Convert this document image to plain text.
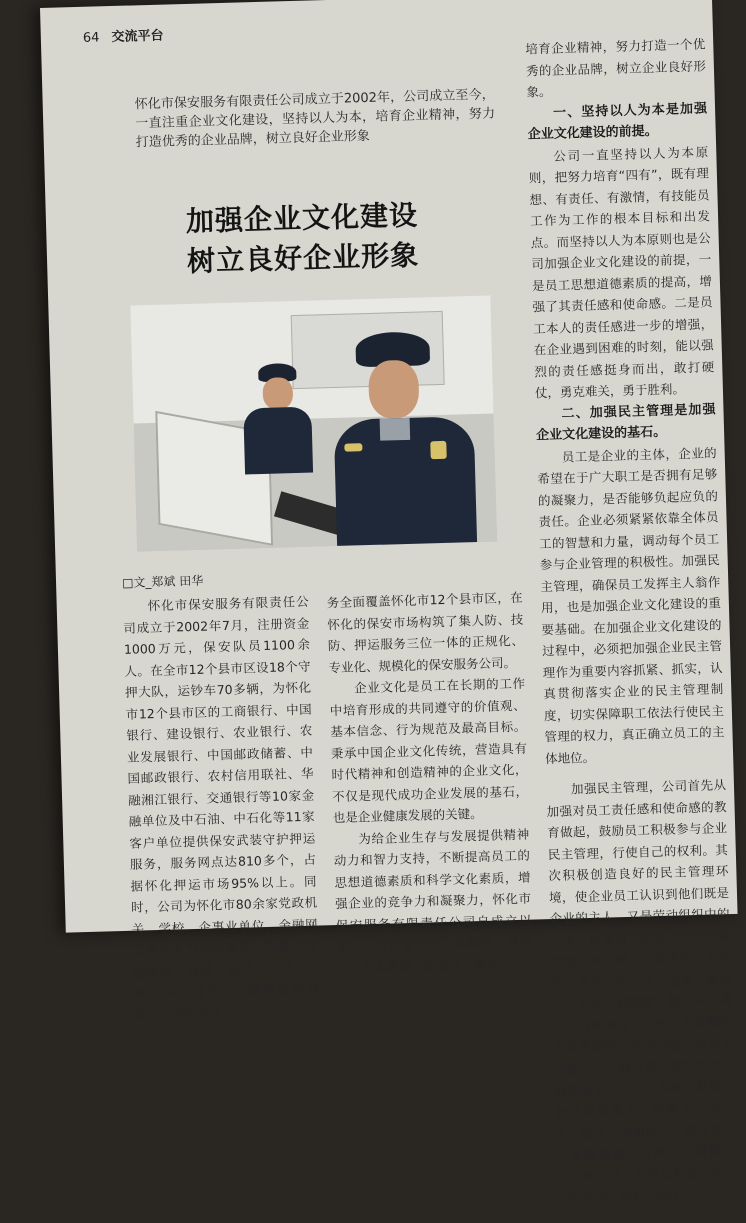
64 交流平台
怀化市保安服务有限责任公司成立于2002年，公司成立至今，一直注重企业文化建设，坚持以人为本，培育企业精神，努力打造优秀的企业品牌，树立良好企业形象
加强企业文化建设
树立良好企业形象
□文_郑斌 田华

怀化市保安服务有限责任公司成立于2002年7月，注册资金1000万元，保安队员1100余人。在全市12个县市区设18个守押大队，运钞车70多辆，为怀化市12个县市区的工商银行、中国银行、建设银行、农业银行、农业发展银行、中国邮政储蓄、中国邮政银行、农村信用联社、华融湘江银行、交通银行等10家金融单位及中石油、中石化等11家客户单位提供保安武装守护押运服务，服务网点达810多个，占据怀化押运市场95%以上。同时，公司为怀化市80余家党政机关、学校、企事业单位、金融网点提供人力保安服务，为怀化金融系统、商铺、居民小区的500多个网点提供110联网报警服务。公司保安业

务全面覆盖怀化市12个县市区，在怀化的保安市场构筑了集人防、技防、押运服务三位一体的正规化、专业化、规模化的保安服务公司。

企业文化是员工在长期的工作中培育形成的共同遵守的价值观、基本信念、行为规范及最高目标。秉承中国企业文化传统，营造具有时代精神和创造精神的企业文化，不仅是现代成功企业发展的基石，也是企业健康发展的关键。

为给企业生存与发展提供精神动力和智力支持，不断提高员工的思想道德素质和科学文化素质，增强企业的竞争力和凝聚力，怀化市保安服务有限责任公司自成立以来，一直注重企业文化建设，坚持以人为本原则，加强民主管理，

培育企业精神，努力打造一个优秀的企业品牌，树立企业良好形象。

一、坚持以人为本是加强企业文化建设的前提。

公司一直坚持以人为本原则，把努力培育“四有”，既有理想、有责任、有激情，有技能员工作为工作的根本目标和出发点。而坚持以人为本原则也是公司加强企业文化建设的前提，一是员工思想道德素质的提高，增强了其责任感和使命感。二是员工本人的责任感进一步的增强，在企业遇到困难的时刻，能以强烈的责任感挺身而出，敢打硬仗，勇克难关，勇于胜利。

二、加强民主管理是加强企业文化建设的基石。

员工是企业的主体，企业的希望在于广大职工是否拥有足够的凝聚力，是否能够负起应负的责任。企业必须紧紧依靠全体员工的智慧和力量，调动每个员工参与企业管理的积极性。加强民主管理，确保员工发挥主人翁作用，也是加强企业文化建设的重要基础。在加强企业文化建设的过程中，必须把加强企业民主管理作为重要内容抓紧、抓实，认真贯彻落实企业的民主管理制度，切实保障职工依法行使民主管理的权力，真正确立员工的主体地位。

加强民主管理，公司首先从加强对员工责任感和使命感的教育做起，鼓励员工积极参与企业民主管理，行使自己的权利。其次积极创造良好的民主管理环境，使企业员工认识到他们既是企业的主人，又是劳动组织中的一员，认真遵守和服从企业的各项制度和纪律，完成各项生产任务。再次，实行民主监督，健全民主评议干部制度，建立和完善员工与领导对话制度，妥善解决企业管理中存在的问题。在员工中要广泛开展合理化建议活动，鼓励员工为企业发展献计献策。要坚持尊重人、理解人、关心人、信任人的原则，不断开发人力资源素质，发挥人的潜能作用，维护员工的合法利益，如公司在对员工奖惩过程中，
